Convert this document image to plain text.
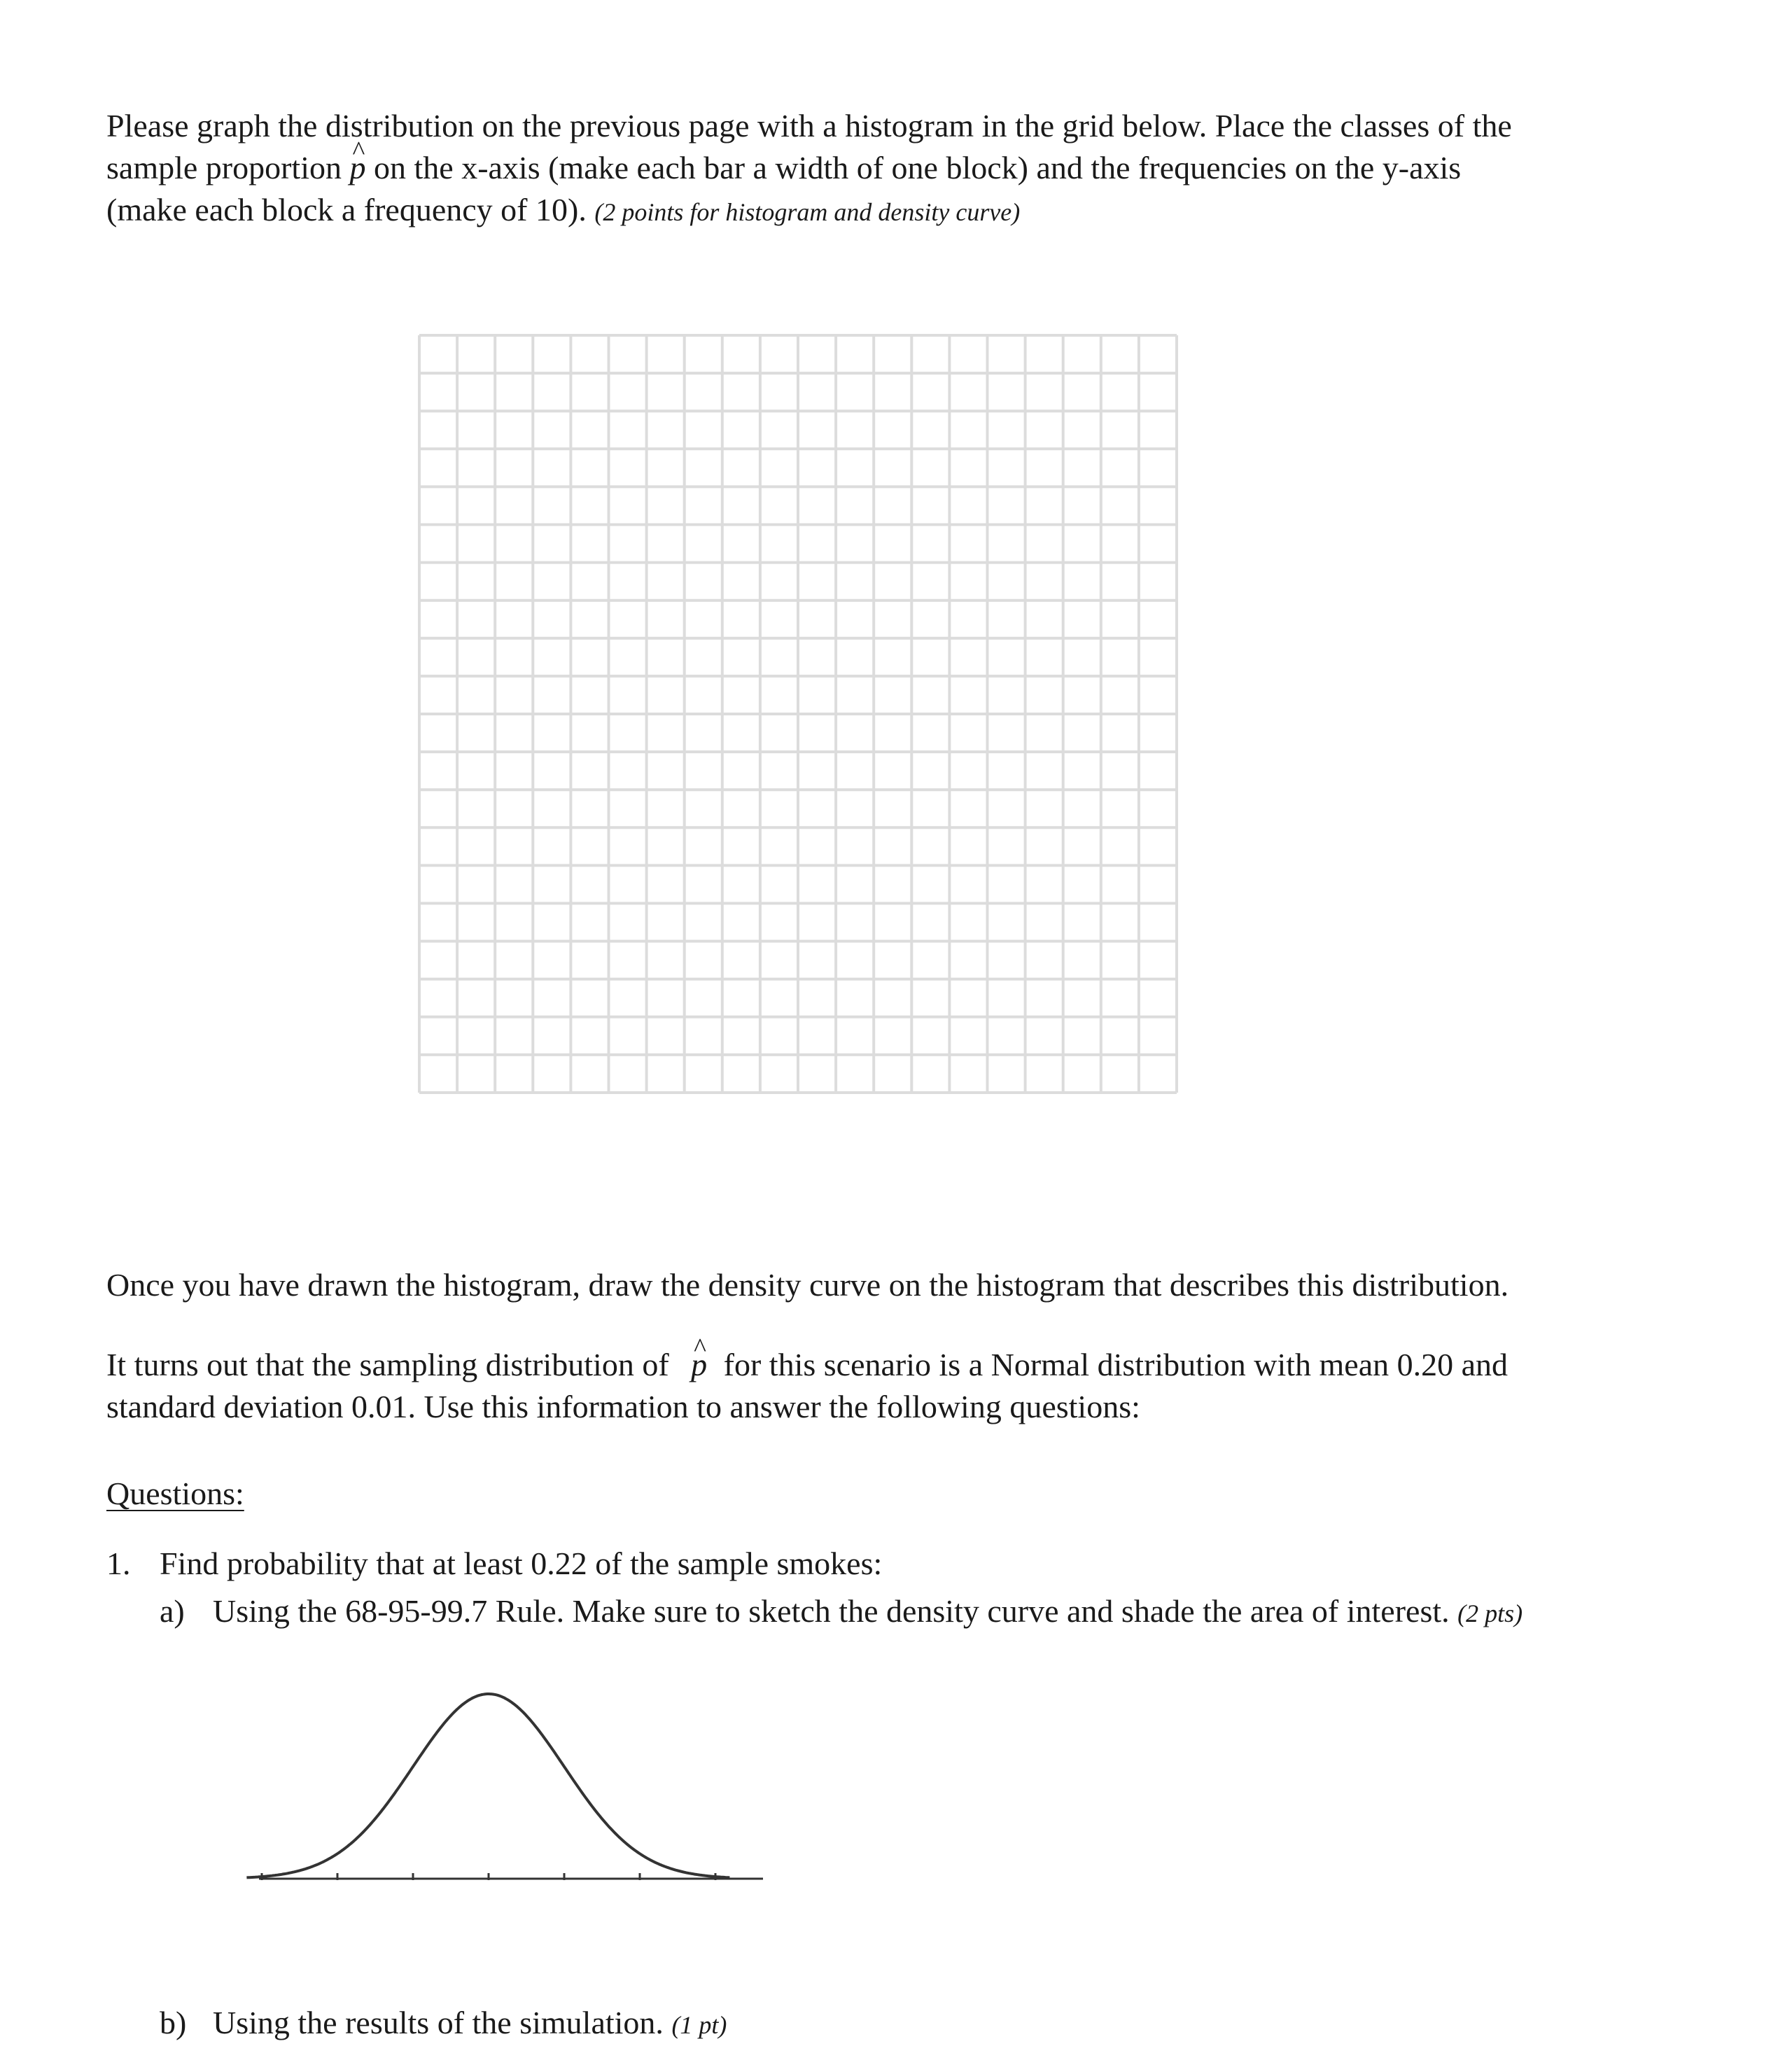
Please graph the distribution on the previous page with a histogram in the grid below. Place the classes of the
sample proportion ^ p on the x-axis (make each bar a width of one block) and the frequencies on the y-axis
(make each block a frequency of 10). (2 points for histogram and density curve)
Once you have drawn the histogram, draw the density curve on the histogram that describes this distribution.
It turns out that the sampling distribution of ^ p for this scenario is a Normal distribution with mean 0.20 and
standard deviation 0.01. Use this information to answer the following questions:
Questions:
1. Find probability that at least 0.22 of the sample smokes:
a) Using the 68-95-99.7 Rule. Make sure to sketch the density curve and shade the area of interest. (2 pts)
b) Using the results of the simulation. (1 pt)
